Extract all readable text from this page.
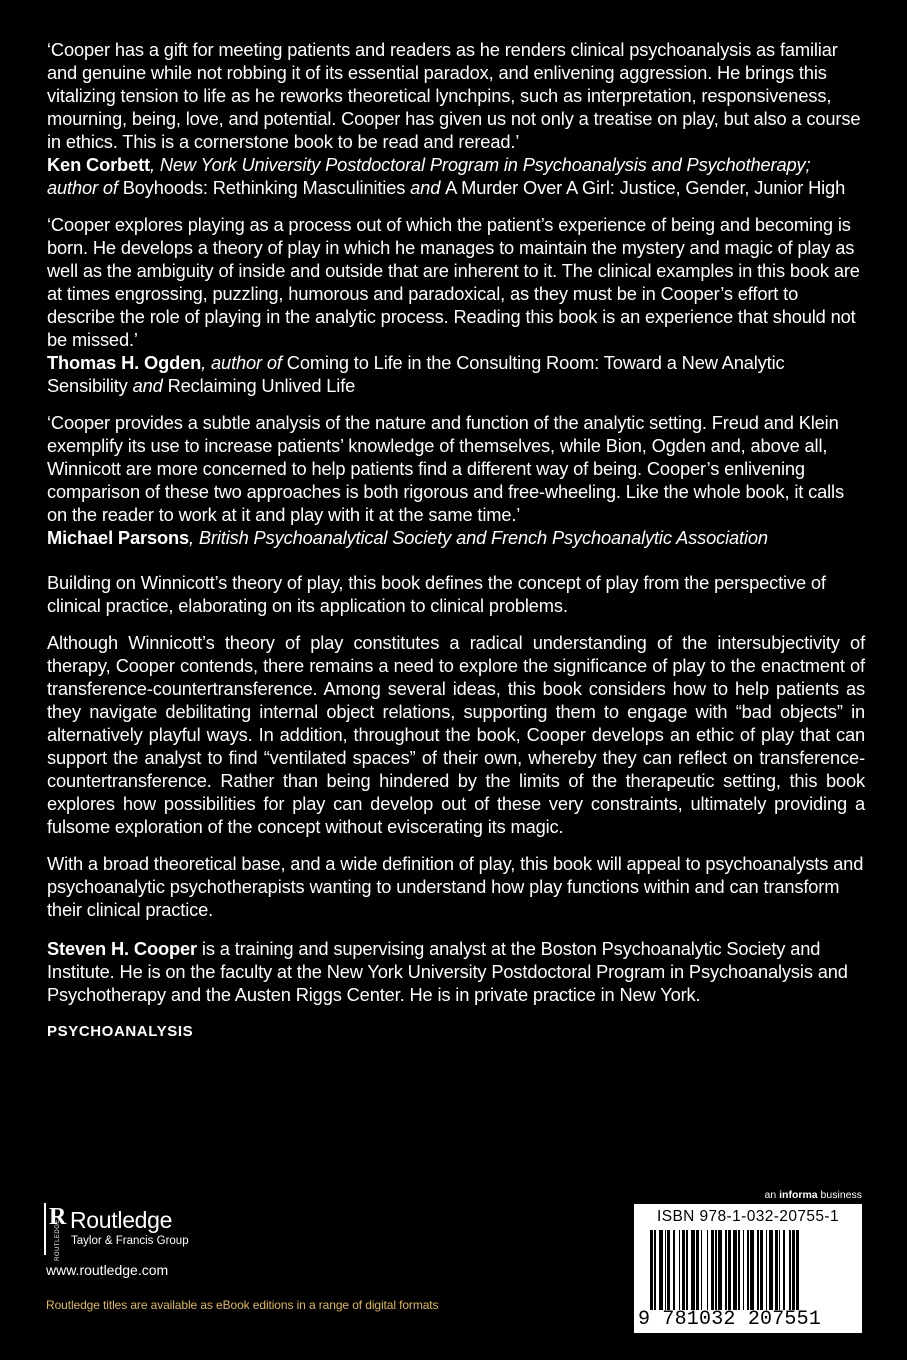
‘Cooper has a gift for meeting patients and readers as he renders clinical psychoanalysis as familiar and genuine while not robbing it of its essential paradox, and enlivening aggression. He brings this vitalizing tension to life as he reworks theoretical lynchpins, such as interpretation, responsiveness, mourning, being, love, and potential. Cooper has given us not only a treatise on play, but also a course in ethics. This is a cornerstone book to be read and reread.’

Ken Corbett, New York University Postdoctoral Program in Psychoanalysis and Psychotherapy; author of Boyhoods: Rethinking Masculinities and A Murder Over A Girl: Justice, Gender, Junior High

‘Cooper explores playing as a process out of which the patient’s experience of being and becoming is born. He develops a theory of play in which he manages to maintain the mystery and magic of play as well as the ambiguity of inside and outside that are inherent to it. The clinical examples in this book are at times engrossing, puzzling, humorous and paradoxical, as they must be in Cooper’s effort to describe the role of playing in the analytic process. Reading this book is an experience that should not be missed.’

Thomas H. Ogden, author of Coming to Life in the Consulting Room: Toward a New Analytic Sensibility and Reclaiming Unlived Life

‘Cooper provides a subtle analysis of the nature and function of the analytic setting. Freud and Klein exemplify its use to increase patients’ knowledge of themselves, while Bion, Ogden and, above all, Winnicott are more concerned to help patients find a different way of being. Cooper’s enlivening comparison of these two approaches is both rigorous and free-wheeling. Like the whole book, it calls on the reader to work at it and play with it at the same time.’

Michael Parsons, British Psychoanalytical Society and French Psychoanalytic Association

Building on Winnicott’s theory of play, this book defines the concept of play from the perspective of clinical practice, elaborating on its application to clinical problems.

Although Winnicott’s theory of play constitutes a radical understanding of the intersubjectivity of therapy, Cooper contends, there remains a need to explore the significance of play to the enactment of transference-countertransference. Among several ideas, this book considers how to help patients as they navigate debilitating internal object relations, supporting them to engage with “bad objects” in alternatively playful ways. In addition, throughout the book, Cooper develops an ethic of play that can support the analyst to find “ventilated spaces” of their own, whereby they can reflect on transference-countertransference. Rather than being hindered by the limits of the therapeutic setting, this book explores how possibilities for play can develop out of these very constraints, ultimately providing a fulsome exploration of the concept without eviscerating its magic.

With a broad theoretical base, and a wide definition of play, this book will appeal to psychoanalysts and psychoanalytic psychotherapists wanting to understand how play functions within and can transform their clinical practice.

Steven H. Cooper is a training and supervising analyst at the Boston Psychoanalytic Society and Institute. He is on the faculty at the New York University Postdoctoral Program in Psychoanalysis and Psychotherapy and the Austen Riggs Center. He is in private practice in New York.

PSYCHOANALYSIS
R
ROUTLEDGE Routledge
Taylor & Francis Group
www.routledge.com
Routledge titles are available as eBook editions in a range of digital formats
an informa business
ISBN 978-1-032-20755-1
9 781032 207551
